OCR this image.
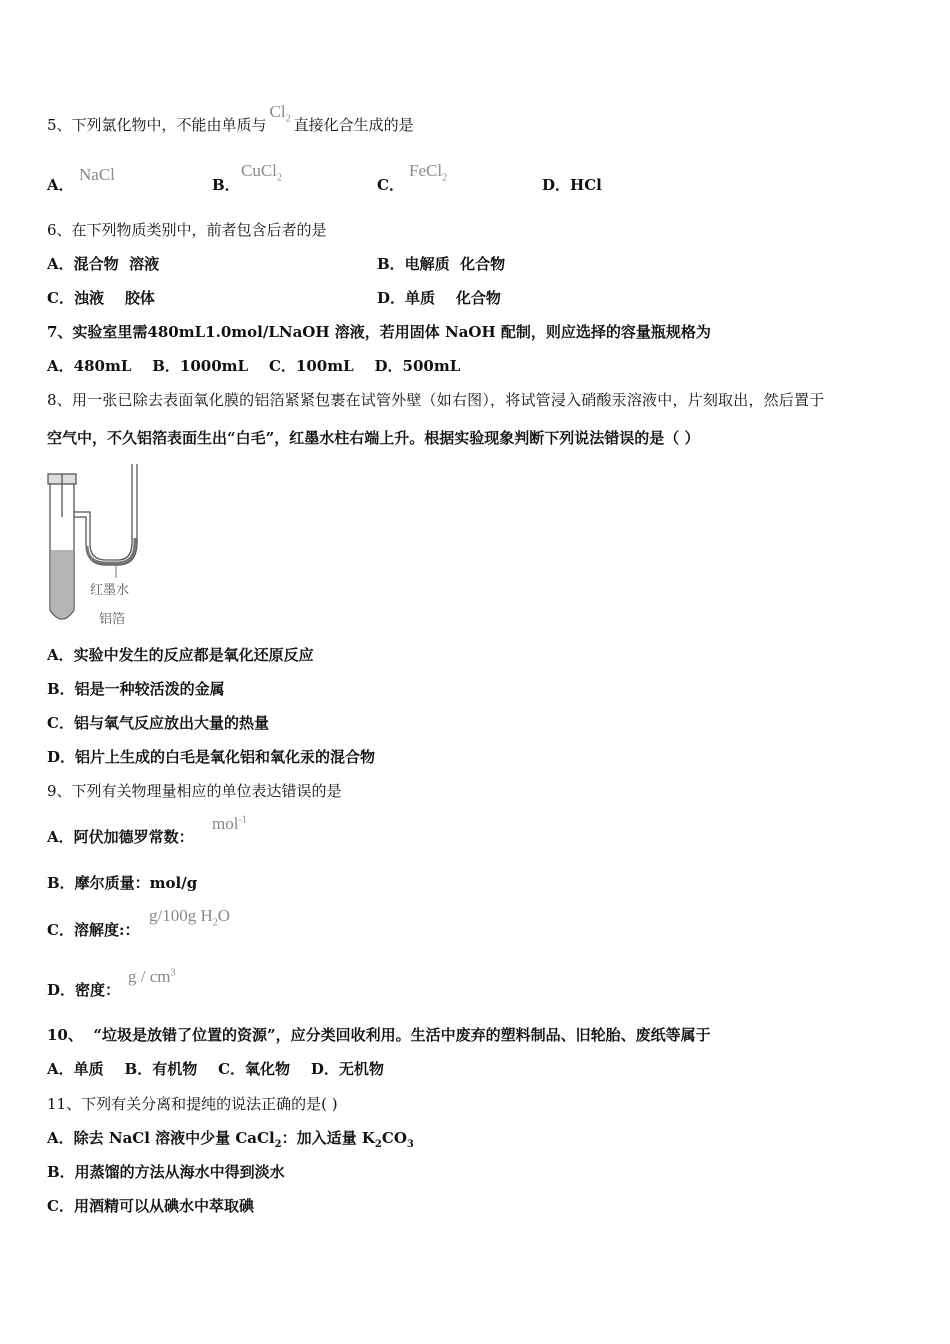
5、下列氯化物中，不能由单质与$Cl_2$ 直接化合生成的是
A．
NaCl
B．
CuCl$_2$	C．
FeCl$_2$	D．HCl
6、在下列物质类别中，前者包含后者的是
A．混合物  溶液	B．电解质  化合物
C．浊液    胶体	D．单质    化合物
7、实验室里需480mL1.0mol/LNaOH 溶液，若用固体 NaOH 配制，则应选择的容量瓶规格为
A．480mL    B．1000mL    C．100mL    D．500mL
8、用一张已除去表面氧化膜的铝箔紧紧包裹在试管外壁（如右图），将试管浸入硝酸汞溶液中，片刻取出，然后置于
空气中，不久铝箔表面生出“白毛”，红墨水柱右端上升。根据实验现象判断下列说法错误的是（ ）
红墨水
铝箔
A．实验中发生的反应都是氧化还原反应
B．铝是一种较活泼的金属
C．铝与氧气反应放出大量的热量
D．铝片上生成的白毛是氧化铝和氧化汞的混合物
9、下列有关物理量相应的单位表达错误的是
A．阿伏加德罗常数：
mol$^{-1}$
B．摩尔质量：mol/g
C．溶解度:：
g/100g $H_2O$
D．密度：
g / $cm^3$
10、  “垃圾是放错了位置的资源”，应分类回收利用。生活中废弃的塑料制品、旧轮胎、废纸等属于
A．单质    B．有机物    C．氧化物    D．无机物
11、下列有关分离和提纯的说法正确的是( )
A．除去 NaCl 溶液中少量 CaCl$_2$：加入适量 $K_2CO_3$
B．用蒸馏的方法从海水中得到淡水
C．用酒精可以从碘水中萃取碘
